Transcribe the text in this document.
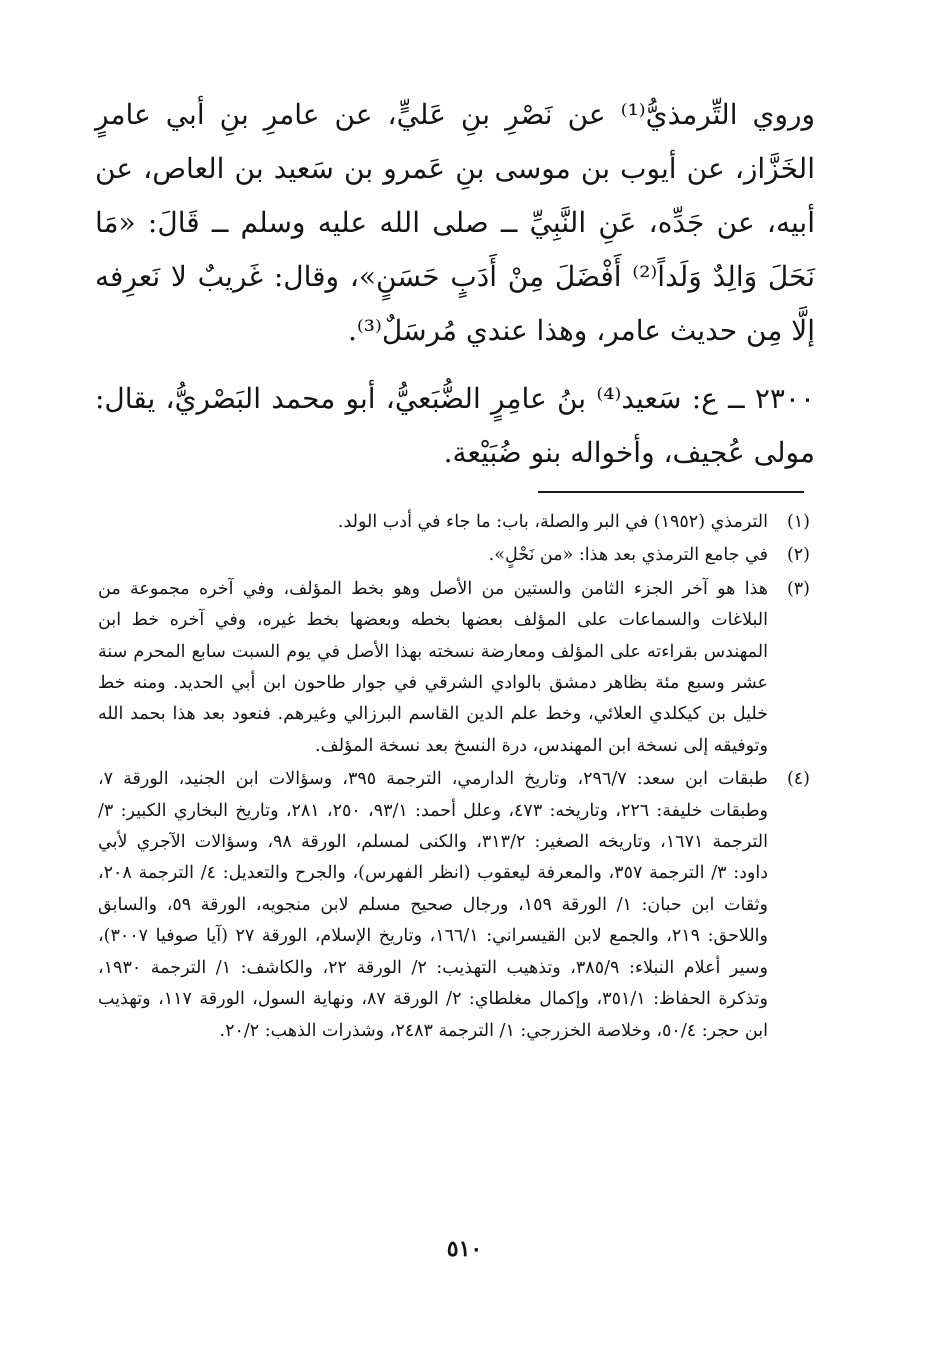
وروي التِّرمذيُّ⁽¹⁾ عن نَصْرِ بنِ عَليٍّ، عن عامرِ بنِ أبي عامرٍ الخَزَّاز، عن أيوب بن موسى بنِ عَمرو بن سَعيد بن العاص، عن أبيه، عن جَدِّه، عَنِ النَّبِيِّ ــ صلى الله عليه وسلم ــ قَالَ: «مَا نَحَلَ وَالِدٌ وَلَداً⁽²⁾ أَفْضَلَ مِنْ أَدَبٍ حَسَنٍ»، وقال: غَريبٌ لا نَعرِفه إلَّا مِن حديث عامر، وهذا عندي مُرسَلٌ⁽³⁾.

٢٣٠٠ ــ ع: سَعيد⁽⁴⁾ بنُ عامِرٍ الضُّبَعيُّ، أبو محمد البَصْريُّ، يقال: مولى عُجيف، وأخواله بنو ضُبَيْعة.

(١)
الترمذي (١٩٥٢) في البر والصلة، باب: ما جاء في أدب الولد.
(٢)
في جامع الترمذي بعد هذا: «من نَحْلٍ».
(٣)
هذا هو آخر الجزء الثامن والستين من الأصل وهو بخط المؤلف، وفي آخره مجموعة من البلاغات والسماعات على المؤلف بعضها بخطه وبعضها بخط غيره، وفي آخره خط ابن المهندس بقراءته على المؤلف ومعارضة نسخته بهذا الأصل في يوم السبت سابع المحرم سنة عشر وسبع مئة بظاهر دمشق بالوادي الشرقي في جوار طاحون ابن أبي الحديد. ومنه خط خليل بن كيكلدي العلائي، وخط علم الدين القاسم البرزالي وغيرهم. فنعود بعد هذا بحمد الله وتوفيقه إلى نسخة ابن المهندس، درة النسخ بعد نسخة المؤلف.
(٤)
طبقات ابن سعد: ٢٩٦/٧، وتاريخ الدارمي، الترجمة ٣٩٥، وسؤالات ابن الجنيد، الورقة ٧، وطبقات خليفة: ٢٢٦، وتاريخه: ٤٧٣، وعلل أحمد: ٩٣/١، ٢٥٠، ٢٨١، وتاريخ البخاري الكبير: ٣/ الترجمة ١٦٧١، وتاريخه الصغير: ٣١٣/٢، والكنى لمسلم، الورقة ٩٨، وسؤالات الآجري لأبي داود: ٣/ الترجمة ٣٥٧، والمعرفة ليعقوب (انظر الفهرس)، والجرح والتعديل: ٤/ الترجمة ٢٠٨، وثقات ابن حبان: ١/ الورقة ١٥٩، ورجال صحيح مسلم لابن منجويه، الورقة ٥٩، والسابق واللاحق: ٢١٩، والجمع لابن القيسراني: ١٦٦/١، وتاريخ الإسلام، الورقة ٢٧ (آيا صوفيا ٣٠٠٧)، وسير أعلام النبلاء: ٣٨٥/٩، وتذهيب التهذيب: ٢/ الورقة ٢٢، والكاشف: ١/ الترجمة ١٩٣٠، وتذكرة الحفاظ: ٣٥١/١، وإكمال مغلطاي: ٢/ الورقة ٨٧، ونهاية السول، الورقة ١١٧، وتهذيب ابن حجر: ٥٠/٤، وخلاصة الخزرجي: ١/ الترجمة ٢٤٨٣، وشذرات الذهب: ٢٠/٢.
٥١٠
